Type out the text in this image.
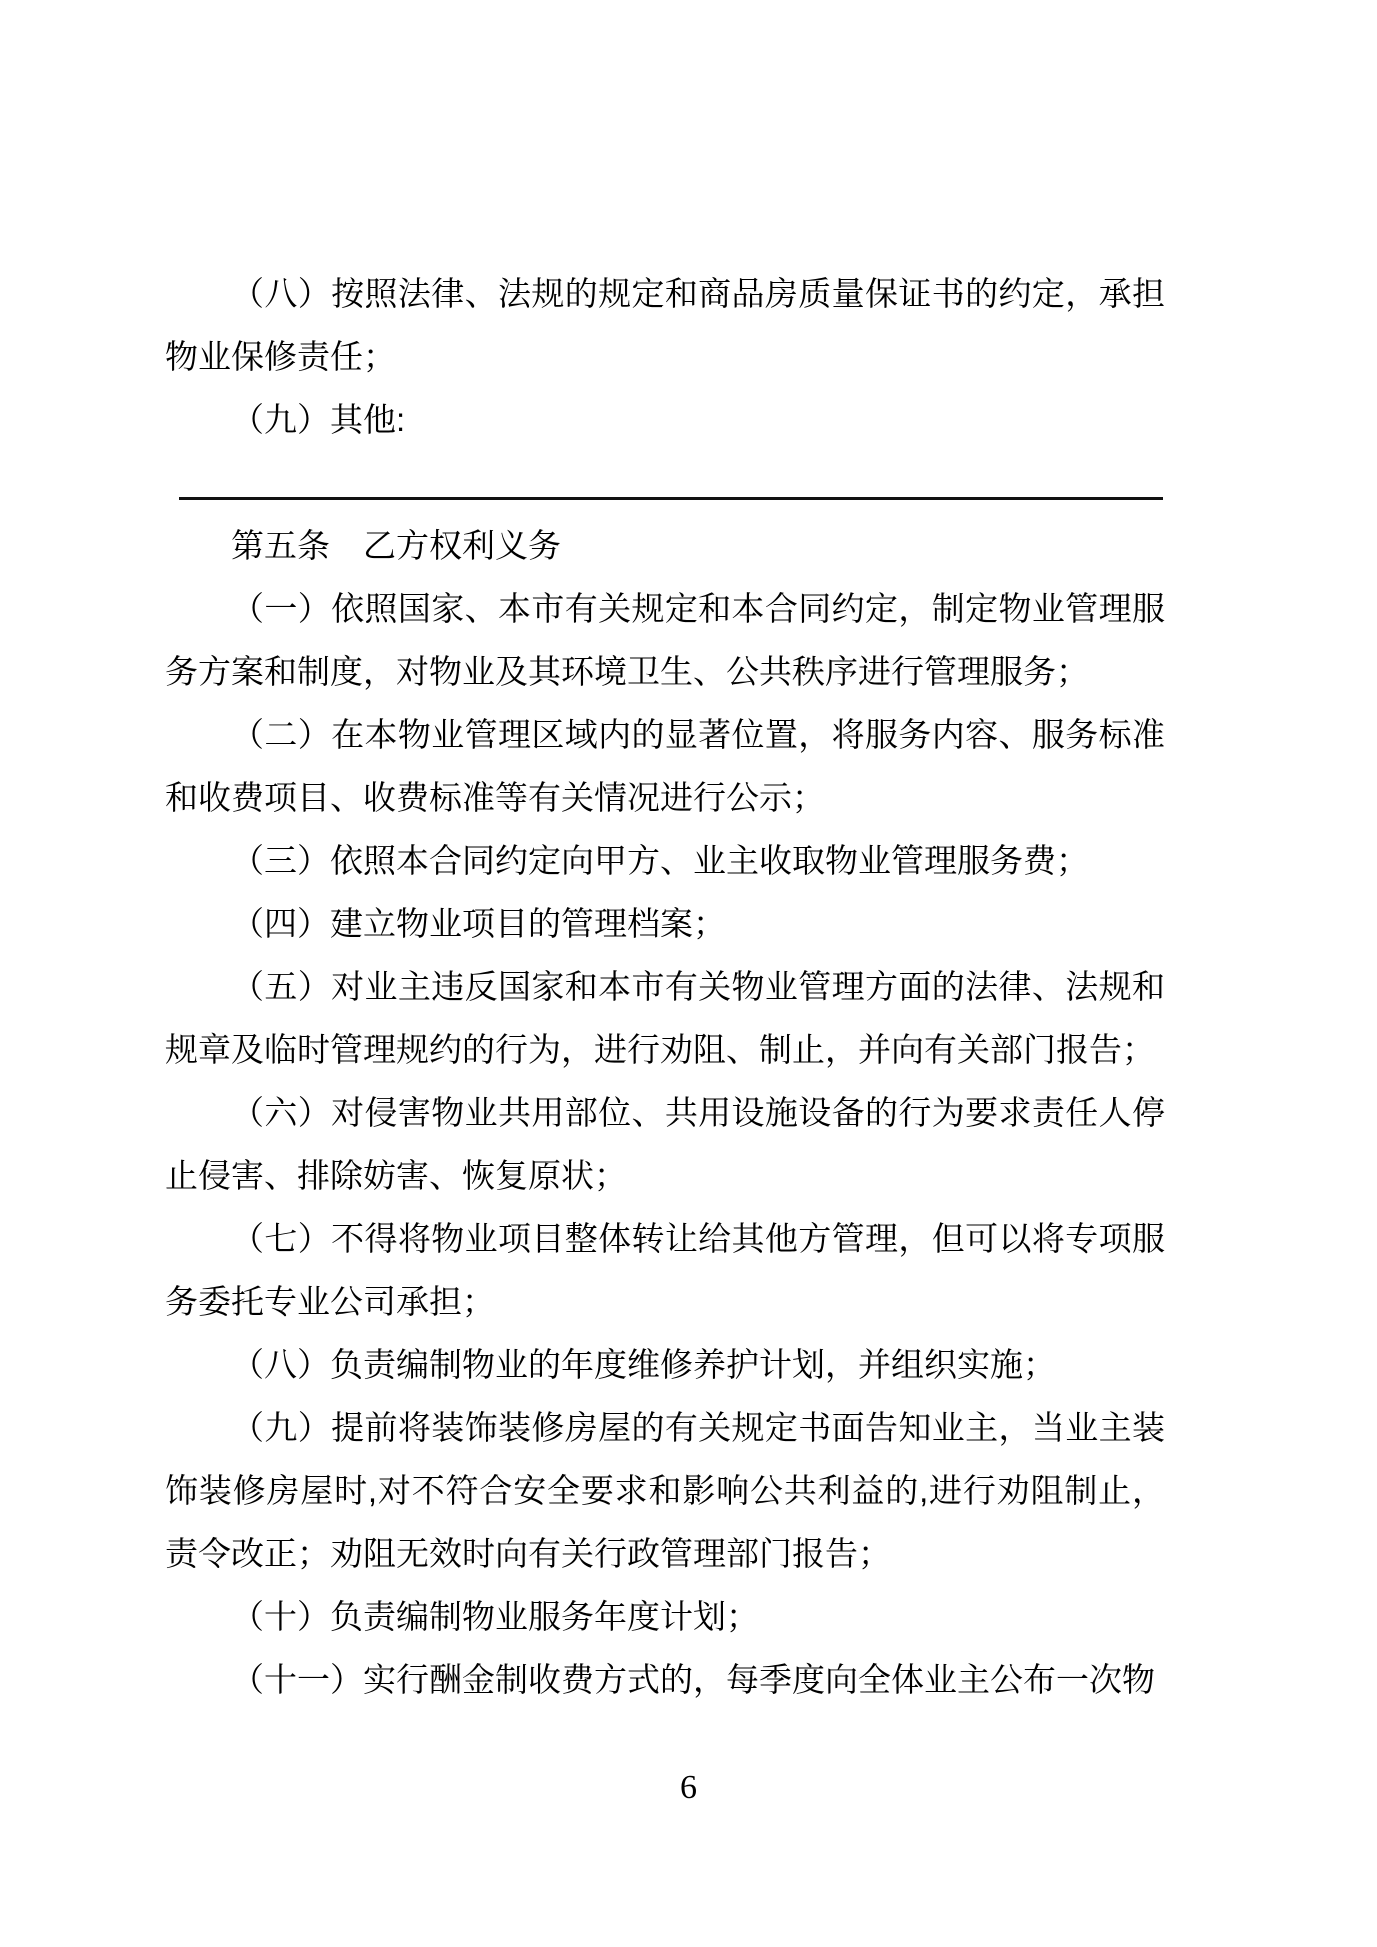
（八）按照法律、法规的规定和商品房质量保证书的约定，承担物业保修责任；

（九）其他:

第五条　乙方权利义务

（一）依照国家、本市有关规定和本合同约定，制定物业管理服务方案和制度，对物业及其环境卫生、公共秩序进行管理服务；

（二）在本物业管理区域内的显著位置，将服务内容、服务标准和收费项目、收费标准等有关情况进行公示；

（三）依照本合同约定向甲方、业主收取物业管理服务费；

（四）建立物业项目的管理档案；

（五）对业主违反国家和本市有关物业管理方面的法律、法规和规章及临时管理规约的行为，进行劝阻、制止，并向有关部门报告；

（六）对侵害物业共用部位、共用设施设备的行为要求责任人停止侵害、排除妨害、恢复原状；

（七）不得将物业项目整体转让给其他方管理，但可以将专项服务委托专业公司承担；

（八）负责编制物业的年度维修养护计划，并组织实施；

（九）提前将装饰装修房屋的有关规定书面告知业主，当业主装饰装修房屋时,对不符合安全要求和影响公共利益的,进行劝阻制止，责令改正；劝阻无效时向有关行政管理部门报告；

（十）负责编制物业服务年度计划；

（十一）实行酬金制收费方式的，每季度向全体业主公布一次物

6
